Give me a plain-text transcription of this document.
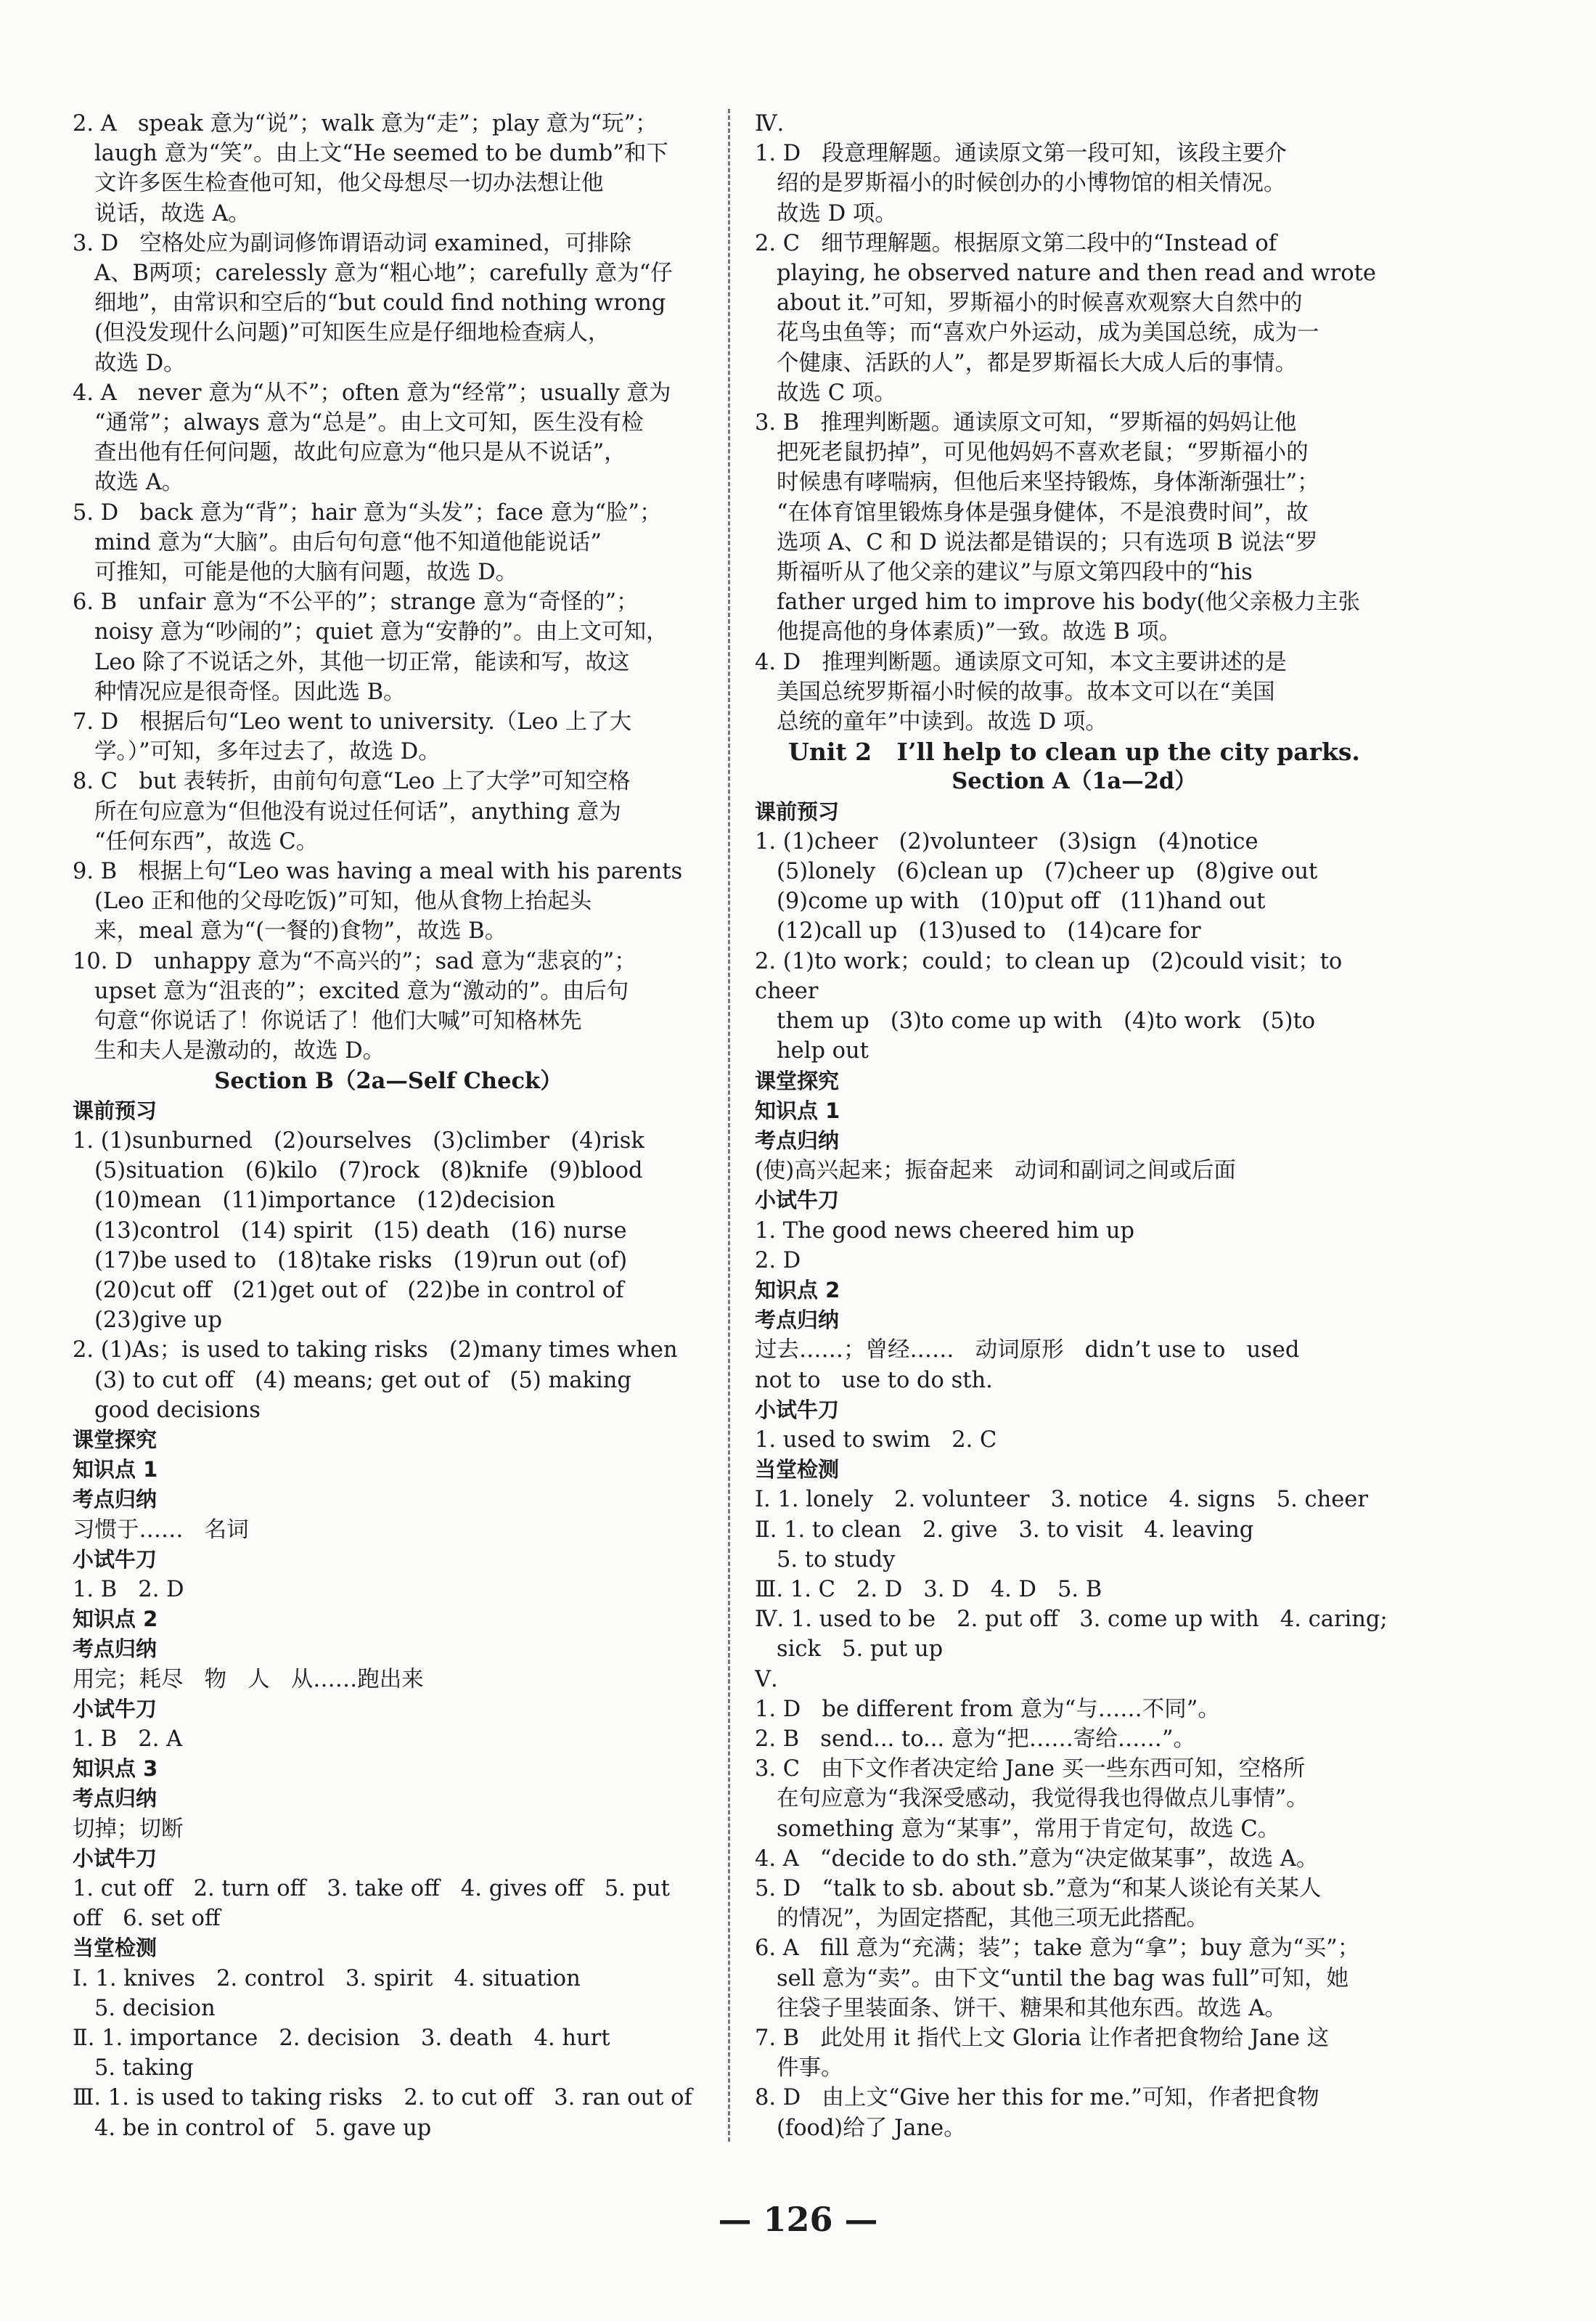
2. A   speak 意为“说”；walk 意为“走”；play 意为“玩”；
laugh 意为“笑”。由上文“He seemed to be dumb”和下
文许多医生检查他可知，他父母想尽一切办法想让他
说话，故选 A。
3. D   空格处应为副词修饰谓语动词 examined，可排除
A、B两项；carelessly 意为“粗心地”；carefully 意为“仔
细地”，由常识和空后的“but could find nothing wrong
(但没发现什么问题)”可知医生应是仔细地检查病人，
故选 D。
4. A   never 意为“从不”；often 意为“经常”；usually 意为
“通常”；always 意为“总是”。由上文可知，医生没有检
查出他有任何问题，故此句应意为“他只是从不说话”，
故选 A。
5. D   back 意为“背”；hair 意为“头发”；face 意为“脸”；
mind 意为“大脑”。由后句句意“他不知道他能说话”
可推知，可能是他的大脑有问题，故选 D。
6. B   unfair 意为“不公平的”；strange 意为“奇怪的”；
noisy 意为“吵闹的”；quiet 意为“安静的”。由上文可知，
Leo 除了不说话之外，其他一切正常，能读和写，故这
种情况应是很奇怪。因此选 B。
7. D   根据后句“Leo went to university.（Leo 上了大
学。）”可知，多年过去了，故选 D。
8. C   but 表转折，由前句句意“Leo 上了大学”可知空格
所在句应意为“但他没有说过任何话”，anything 意为
“任何东西”，故选 C。
9. B   根据上句“Leo was having a meal with his parents
(Leo 正和他的父母吃饭)”可知，他从食物上抬起头
来，meal 意为“(一餐的)食物”，故选 B。
10. D   unhappy 意为“不高兴的”；sad 意为“悲哀的”；
upset 意为“沮丧的”；excited 意为“激动的”。由后句
句意“你说话了！你说话了！他们大喊”可知格林先
生和夫人是激动的，故选 D。
Section B（2a—Self Check）
课前预习
1. (1)sunburned   (2)ourselves   (3)climber   (4)risk
(5)situation   (6)kilo   (7)rock   (8)knife   (9)blood
(10)mean   (11)importance   (12)decision
(13)control   (14) spirit   (15) death   (16) nurse
(17)be used to   (18)take risks   (19)run out (of)
(20)cut off   (21)get out of   (22)be in control of
(23)give up
2. (1)As；is used to taking risks   (2)many times when
(3) to cut off   (4) means; get out of   (5) making
good decisions
课堂探究
知识点 1
考点归纳
习惯于……   名词
小试牛刀
1. B   2. D
知识点 2
考点归纳
用完；耗尽   物   人   从……跑出来
小试牛刀
1. B   2. A
知识点 3
考点归纳
切掉；切断
小试牛刀
1. cut off   2. turn off   3. take off   4. gives off   5. put
off   6. set off
当堂检测
Ⅰ. 1. knives   2. control   3. spirit   4. situation
5. decision
Ⅱ. 1. importance   2. decision   3. death   4. hurt
5. taking
Ⅲ. 1. is used to taking risks   2. to cut off   3. ran out of
4. be in control of   5. gave up
Ⅳ.
1. D   段意理解题。通读原文第一段可知，该段主要介
绍的是罗斯福小的时候创办的小博物馆的相关情况。
故选 D 项。
2. C   细节理解题。根据原文第二段中的“Instead of
playing, he observed nature and then read and wrote
about it.”可知，罗斯福小的时候喜欢观察大自然中的
花鸟虫鱼等；而“喜欢户外运动，成为美国总统，成为一
个健康、活跃的人”，都是罗斯福长大成人后的事情。
故选 C 项。
3. B   推理判断题。通读原文可知，“罗斯福的妈妈让他
把死老鼠扔掉”，可见他妈妈不喜欢老鼠；“罗斯福小的
时候患有哮喘病，但他后来坚持锻炼，身体渐渐强壮”；
“在体育馆里锻炼身体是强身健体，不是浪费时间”，故
选项 A、C 和 D 说法都是错误的；只有选项 B 说法“罗
斯福听从了他父亲的建议”与原文第四段中的“his
father urged him to improve his body(他父亲极力主张
他提高他的身体素质)”一致。故选 B 项。
4. D   推理判断题。通读原文可知，本文主要讲述的是
美国总统罗斯福小时候的故事。故本文可以在“美国
总统的童年”中读到。故选 D 项。
Unit 2   I’ll help to clean up the city parks.
Section A（1a—2d）
课前预习
1. (1)cheer   (2)volunteer   (3)sign   (4)notice
(5)lonely   (6)clean up   (7)cheer up   (8)give out
(9)come up with   (10)put off   (11)hand out
(12)call up   (13)used to   (14)care for
2. (1)to work；could；to clean up   (2)could visit；to cheer
them up   (3)to come up with   (4)to work   (5)to
help out
课堂探究
知识点 1
考点归纳
(使)高兴起来；振奋起来   动词和副词之间或后面
小试牛刀
1. The good news cheered him up
2. D
知识点 2
考点归纳
过去……；曾经……   动词原形   didn’t use to   used
not to   use to do sth.
小试牛刀
1. used to swim   2. C
当堂检测
Ⅰ. 1. lonely   2. volunteer   3. notice   4. signs   5. cheer
Ⅱ. 1. to clean   2. give   3. to visit   4. leaving
5. to study
Ⅲ. 1. C   2. D   3. D   4. D   5. B
Ⅳ. 1. used to be   2. put off   3. come up with   4. caring;
sick   5. put up
Ⅴ.
1. D   be different from 意为“与……不同”。
2. B   send... to... 意为“把……寄给……”。
3. C   由下文作者决定给 Jane 买一些东西可知，空格所
在句应意为“我深受感动，我觉得我也得做点儿事情”。
something 意为“某事”，常用于肯定句，故选 C。
4. A   “decide to do sth.”意为“决定做某事”，故选 A。
5. D   “talk to sb. about sb.”意为“和某人谈论有关某人
的情况”，为固定搭配，其他三项无此搭配。
6. A   fill 意为“充满；装”；take 意为“拿”；buy 意为“买”；
sell 意为“卖”。由下文“until the bag was full”可知，她
往袋子里装面条、饼干、糖果和其他东西。故选 A。
7. B   此处用 it 指代上文 Gloria 让作者把食物给 Jane 这
件事。
8. D   由上文“Give her this for me.”可知，作者把食物
(food)给了 Jane。
— 126 —
